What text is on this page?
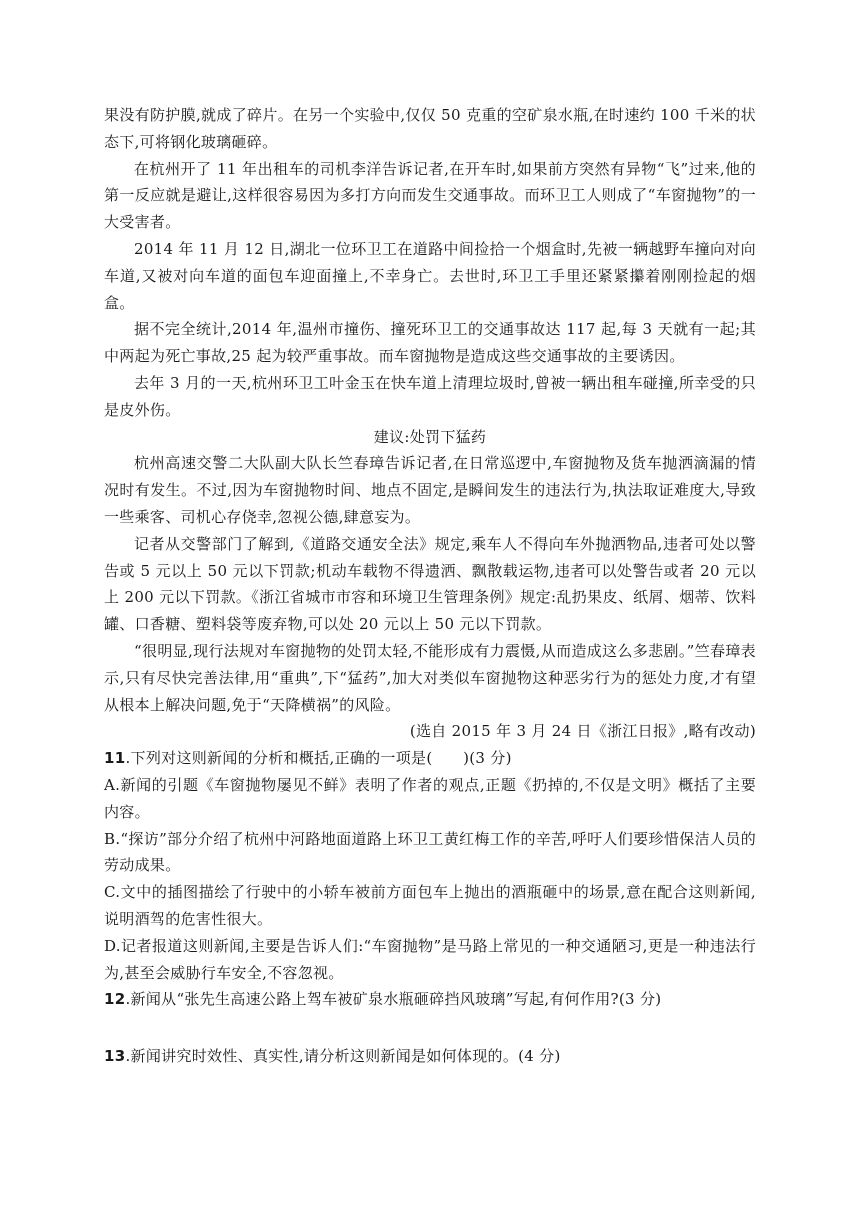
果没有防护膜,就成了碎片。在另一个实验中,仅仅 50 克重的空矿泉水瓶,在时速约 100 千米的状态下,可将钢化玻璃砸碎。

在杭州开了 11 年出租车的司机李洋告诉记者,在开车时,如果前方突然有异物“飞”过来,他的第一反应就是避让,这样很容易因为多打方向而发生交通事故。而环卫工人则成了“车窗抛物”的一大受害者。

2014 年 11 月 12 日,湖北一位环卫工在道路中间捡拾一个烟盒时,先被一辆越野车撞向对向车道,又被对向车道的面包车迎面撞上,不幸身亡。去世时,环卫工手里还紧紧攥着刚刚捡起的烟盒。

据不完全统计,2014 年,温州市撞伤、撞死环卫工的交通事故达 117 起,每 3 天就有一起;其中两起为死亡事故,25 起为较严重事故。而车窗抛物是造成这些交通事故的主要诱因。

去年 3 月的一天,杭州环卫工叶金玉在快车道上清理垃圾时,曾被一辆出租车碰撞,所幸受的只是皮外伤。

建议:处罚下猛药

杭州高速交警二大队副大队长竺春璋告诉记者,在日常巡逻中,车窗抛物及货车抛洒滴漏的情况时有发生。不过,因为车窗抛物时间、地点不固定,是瞬间发生的违法行为,执法取证难度大,导致一些乘客、司机心存侥幸,忽视公德,肆意妄为。

记者从交警部门了解到,《道路交通安全法》规定,乘车人不得向车外抛洒物品,违者可处以警告或 5 元以上 50 元以下罚款;机动车载物不得遗洒、飘散载运物,违者可以处警告或者 20 元以上 200 元以下罚款。《浙江省城市市容和环境卫生管理条例》规定:乱扔果皮、纸屑、烟蒂、饮料罐、口香糖、塑料袋等废弃物,可以处 20 元以上 50 元以下罚款。

“很明显,现行法规对车窗抛物的处罚太轻,不能形成有力震慑,从而造成这么多悲剧。”竺春璋表示,只有尽快完善法律,用“重典”,下“猛药”,加大对类似车窗抛物这种恶劣行为的惩处力度,才有望从根本上解决问题,免于“天降横祸”的风险。

(选自 2015 年 3 月 24 日《浙江日报》,略有改动)

11.下列对这则新闻的分析和概括,正确的一项是(　　)(3 分)

A.新闻的引题《车窗抛物屡见不鲜》表明了作者的观点,正题《扔掉的,不仅是文明》概括了主要内容。

B.“探访”部分介绍了杭州中河路地面道路上环卫工黄红梅工作的辛苦,呼吁人们要珍惜保洁人员的劳动成果。

C.文中的插图描绘了行驶中的小轿车被前方面包车上抛出的酒瓶砸中的场景,意在配合这则新闻,说明酒驾的危害性很大。

D.记者报道这则新闻,主要是告诉人们:“车窗抛物”是马路上常见的一种交通陋习,更是一种违法行为,甚至会威胁行车安全,不容忽视。

12.新闻从“张先生高速公路上驾车被矿泉水瓶砸碎挡风玻璃”写起,有何作用?(3 分)

13.新闻讲究时效性、真实性,请分析这则新闻是如何体现的。(4 分)
